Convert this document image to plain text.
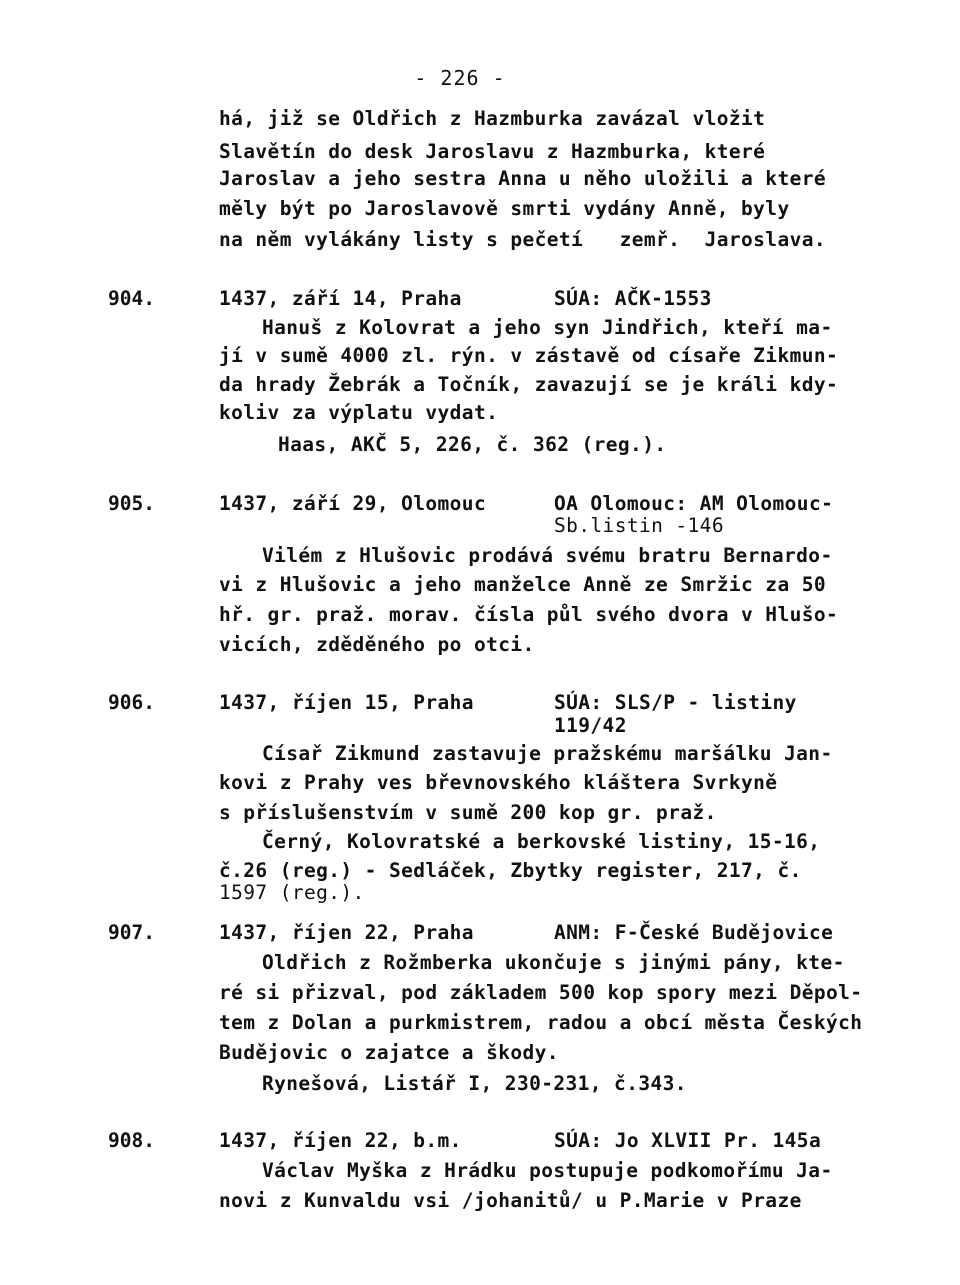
- 226 -
há, již se Oldřich z Hazmburka zavázal vložit
Slavětín do desk Jaroslavu z Hazmburka, které
Jaroslav a jeho sestra Anna u něho uložili a které
měly být po Jaroslavově smrti vydány Anně, byly
na něm vylákány listy s pečetí   zemř.  Jaroslava.
904.	1437, září 14, Praha	SÚA: AČK-1553
Hanuš z Kolovrat a jeho syn Jindřich, kteří ma-
jí v sumě 4000 zl. rýn. v zástavě od císaře Zikmun-
da hrady Žebrák a Točník, zavazují se je králi kdy-
koliv za výplatu vydat.
Haas, AKČ 5, 226, č. 362 (reg.).
905.	1437, září 29, Olomouc	OA Olomouc: AM Olomouc-
Sb.listin -146
Vilém z Hlušovic prodává svému bratru Bernardo-
vi z Hlušovic a jeho manželce Anně ze Smržic za 50
hř. gr. praž. morav. čísla půl svého dvora v Hlušo-
vicích, zděděného po otci.
906.	1437, říjen 15, Praha	SÚA: SLS/P - listiny
119/42
Císař Zikmund zastavuje pražskému maršálku Jan-
kovi z Prahy ves břevnovského kláštera Svrkyně
s příslušenstvím v sumě 200 kop gr. praž.
Černý, Kolovratské a berkovské listiny, 15-16,
č.26 (reg.) - Sedláček, Zbytky register, 217, č.
1597 (reg.).
907.	1437, říjen 22, Praha	ANM: F-České Budějovice
Oldřich z Rožmberka ukončuje s jinými pány, kte-
ré si přizval, pod základem 500 kop spory mezi Děpol-
tem z Dolan a purkmistrem, radou a obcí města Českých
Budějovic o zajatce a škody.
Rynešová, Listář I, 230-231, č.343.
908.	1437, říjen 22, b.m.	SÚA: Jo XLVII Pr. 145a
Václav Myška z Hrádku postupuje podkomořímu Ja-
novi z Kunvaldu vsi /johanitů/ u P.Marie v Praze
